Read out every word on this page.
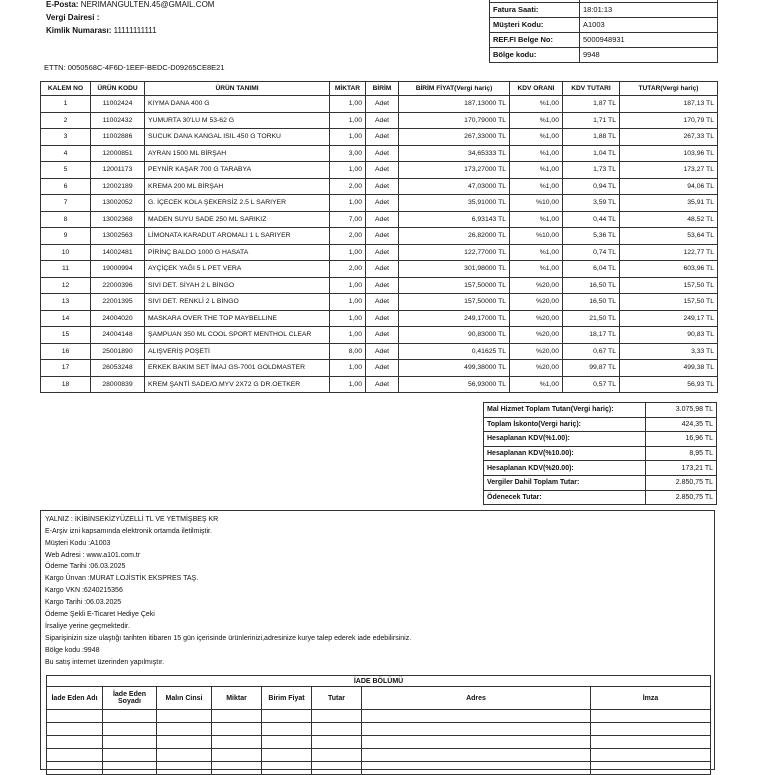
E-Posta: NERIMANGULTEN.45@GMAIL.COM
Vergi Dairesi :
Kimlik Numarası: 11111111111

Fatura Saati:	18:01:13
Müşteri Kodu:	A1003
REF.FI Belge No:	5000948931
Bölge kodu:	9948
ETTN: 0050568C-4F6D-1EEF-BEDC-D09265CE8E21
KALEM NO	ÜRÜN KODU	ÜRÜN TANIMI	MİKTAR	BİRİM	BİRİM FİYAT(Vergi hariç)	KDV ORANI	KDV TUTARI	TUTAR(Vergi hariç)
1	11002424	KIYMA DANA 400 G	1,00	Adet	187,13000 TL	%1,00	1,87 TL	187,13 TL
2	11002432	YUMURTA 30'LU M 53-62 G	1,00	Adet	170,79000 TL	%1,00	1,71 TL	170,79 TL
3	11002886	SUCUK DANA KANGAL ISIL 450 G TORKU	1,00	Adet	267,33000 TL	%1,00	1,88 TL	267,33 TL
4	12000851	AYRAN 1500 ML BİRŞAH	3,00	Adet	34,65333 TL	%1,00	1,04 TL	103,96 TL
5	12001173	PEYNİR KAŞAR 700 G TARABYA	1,00	Adet	173,27000 TL	%1,00	1,73 TL	173,27 TL
6	12002189	KREMA 200 ML BİRŞAH	2,00	Adet	47,03000 TL	%1,00	0,94 TL	94,06 TL
7	13002052	G. İÇECEK KOLA ŞEKERSİZ 2.5 L SARIYER	1,00	Adet	35,91000 TL	%10,00	3,59 TL	35,91 TL
8	13002368	MADEN SUYU SADE 250 ML SARIKIZ	7,00	Adet	6,93143 TL	%1,00	0,44 TL	48,52 TL
9	13002563	LİMONATA KARADUT AROMALI 1 L SARIYER	2,00	Adet	26,82000 TL	%10,00	5,36 TL	53,64 TL
10	14002481	PİRİNÇ BALDO 1000 G HASATA	1,00	Adet	122,77000 TL	%1,00	0,74 TL	122,77 TL
11	19000994	AYÇİÇEK YAĞI 5 L PET VERA	2,00	Adet	301,98000 TL	%1,00	6,04 TL	603,96 TL
12	22000396	SIVI DET. SİYAH 2 L BİNGO	1,00	Adet	157,50000 TL	%20,00	16,50 TL	157,50 TL
13	22001395	SIVI DET. RENKLİ 2 L BİNGO	1,00	Adet	157,50000 TL	%20,00	16,50 TL	157,50 TL
14	24004020	MASKARA OVER THE TOP MAYBELLINE	1,00	Adet	249,17000 TL	%20,00	21,50 TL	249,17 TL
15	24004148	ŞAMPUAN 350 ML COOL SPORT MENTHOL CLEAR	1,00	Adet	90,83000 TL	%20,00	18,17 TL	90,83 TL
16	25001890	ALIŞVERİŞ POŞETİ	8,00	Adet	0,41625 TL	%20,00	0,67 TL	3,33 TL
17	26053248	ERKEK BAKIM SET İMAJ GS-7001 GOLDMASTER	1,00	Adet	499,38000 TL	%20,00	99,87 TL	499,38 TL
18	28000839	KREM ŞANTİ SADE/O.MYV 2X72 G DR.OETKER	1,00	Adet	56,93000 TL	%1,00	0,57 TL	56,93 TL
Mal Hizmet Toplam Tutarı(Vergi hariç):	3.075,98 TL
Toplam İskonto(Vergi hariç):	424,35 TL
Hesaplanan KDV(%1.00):	16,96 TL
Hesaplanan KDV(%10.00):	8,95 TL
Hesaplanan KDV(%20.00):	173,21 TL
Vergiler Dahil Toplam Tutar:	2.850,75 TL
Ödenecek Tutar:	2.850,75 TL
YALNIZ : İKİBİNSEKİZYÜZELLİ TL VE YETMİŞBEŞ KR
E-Arşiv izni kapsamında elektronik ortamda iletilmiştir.
Müşteri Kodu :A1003
Web Adresi : www.a101.com.tr
Ödeme Tarihi :06.03.2025
Kargo Ünvan :MURAT LOJİSTİK EKSPRES TAŞ.
Kargo VKN :6240215356
Kargo Tarihi :06.03.2025
Ödeme Şekli E-Ticaret Hediye Çeki
İrsaliye yerine geçmektedir.
Siparişinizin size ulaştığı tarihten itibaren 15 gün içerisinde ürünlerinizi,adresinize kurye talep ederek iade edebilirsiniz.
Bölge kodu :9948
Bu satış internet üzerinden yapılmıştır.
İADE BÖLÜMÜ							
İade Eden Adı	İade Eden Soyadı	Malın Cinsi	Miktar	Birim Fiyat	Tutar	Adres	İmza
